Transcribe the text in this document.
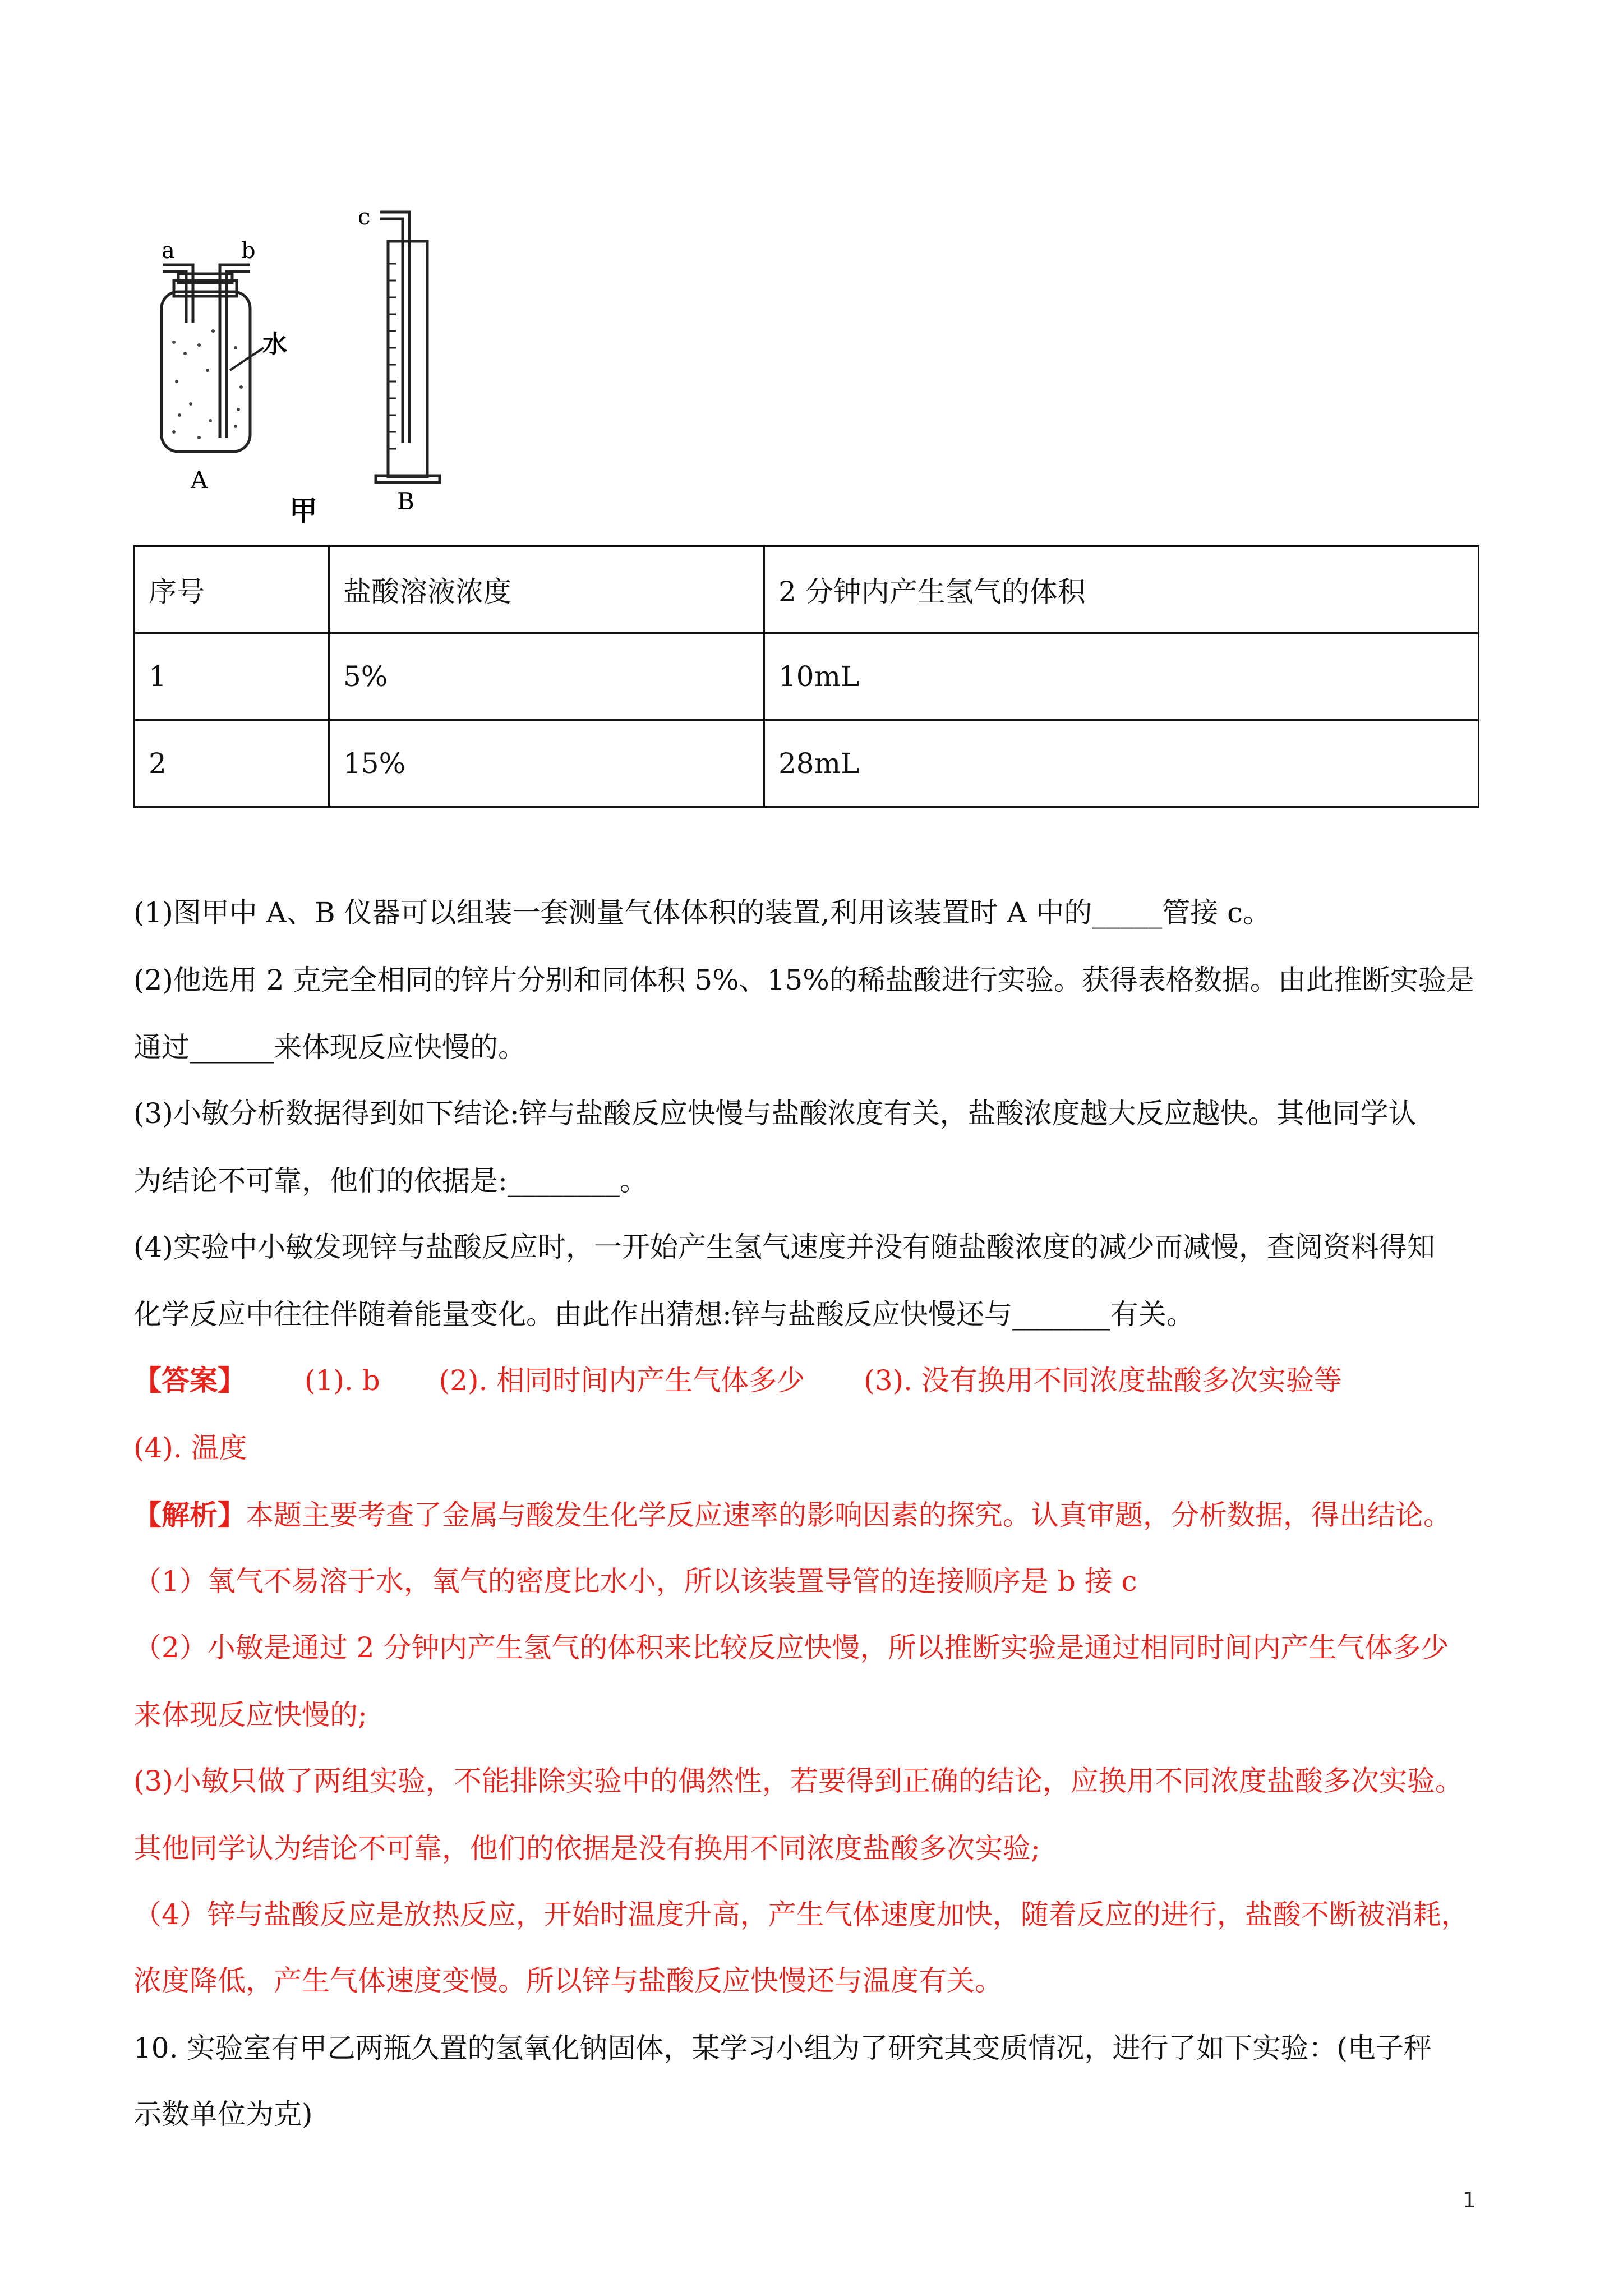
a	b
c
水
A
B
甲
序号	盐酸溶液浓度	2 分钟内产生氢气的体积
1	5%	10mL
2	15%	28mL
(1)图甲中 A、B 仪器可以组装一套测量气体体积的装置,利用该装置时 A 中的_____管接 c。
(2)他选用 2 克完全相同的锌片分别和同体积 5%、15%的稀盐酸进行实验。获得表格数据。由此推断实验是
通过______来体现反应快慢的。
(3)小敏分析数据得到如下结论:锌与盐酸反应快慢与盐酸浓度有关，盐酸浓度越大反应越快。其他同学认
为结论不可靠，他们的依据是:________。
(4)实验中小敏发现锌与盐酸反应时，一开始产生氢气速度并没有随盐酸浓度的减少而减慢，查阅资料得知
化学反应中往往伴随着能量变化。由此作出猜想:锌与盐酸反应快慢还与_______有关。
【答案】 (1). b (2). 相同时间内产生气体多少 (3). 没有换用不同浓度盐酸多次实验等
(4). 温度
【解析】本题主要考查了金属与酸发生化学反应速率的影响因素的探究。认真审题，分析数据，得出结论。
（1）氧气不易溶于水，氧气的密度比水小，所以该装置导管的连接顺序是 b 接 c
（2）小敏是通过 2 分钟内产生氢气的体积来比较反应快慢，所以推断实验是通过相同时间内产生气体多少
来体现反应快慢的;
(3)小敏只做了两组实验，不能排除实验中的偶然性，若要得到正确的结论，应换用不同浓度盐酸多次实验。
其他同学认为结论不可靠，他们的依据是没有换用不同浓度盐酸多次实验;
（4）锌与盐酸反应是放热反应，开始时温度升高，产生气体速度加快，随着反应的进行，盐酸不断被消耗，
浓度降低，产生气体速度变慢。所以锌与盐酸反应快慢还与温度有关。
10. 实验室有甲乙两瓶久置的氢氧化钠固体，某学习小组为了研究其变质情况，进行了如下实验：(电子秤
示数单位为克)
1
